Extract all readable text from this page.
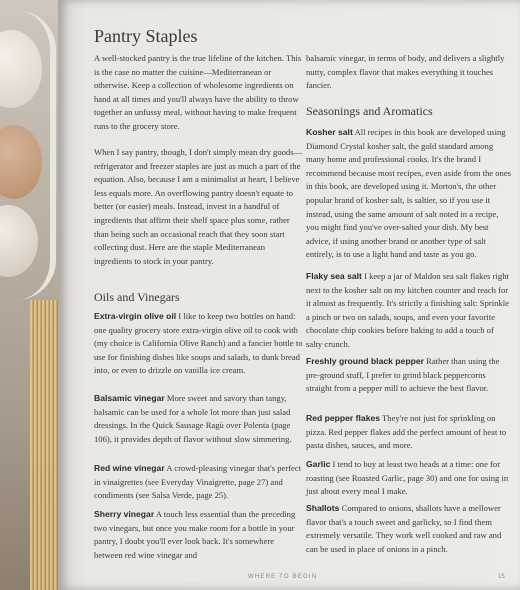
Pantry Staples

A well-stocked pantry is the true lifeline of the kitchen. This is the case no matter the cuisine—Mediterranean or otherwise. Keep a collection of wholesome ingredients on hand at all times and you'll always have the ability to throw together an unfussy meal, without having to make frequent runs to the grocery store.

When I say pantry, though, I don't simply mean dry goods—refrigerator and freezer staples are just as much a part of the equation. Also, because I am a minimalist at heart, I believe less equals more. An overflowing pantry doesn't equate to better (or easier) meals. Instead, invest in a handful of ingredients that affirm their shelf space plus some, rather than being such an occasional reach that they soon start collecting dust. Here are the staple Mediterranean ingredients to stock in your pantry.

Oils and Vinegars

Extra-virgin olive oil I like to keep two bottles on hand: one quality grocery store extra-virgin olive oil to cook with (my choice is California Olive Ranch) and a fancier bottle to use for finishing dishes like soups and salads, to dunk bread into, or even to drizzle on vanilla ice cream.

Balsamic vinegar More sweet and savory than tangy, balsamic can be used for a whole lot more than just salad dressings. In the Quick Sausage Ragù over Polenta (page 106), it provides depth of flavor without slow simmering.

Red wine vinegar A crowd-pleasing vinegar that's perfect in vinaigrettes (see Everyday Vinaigrette, page 27) and condiments (see Salsa Verde, page 25).

Sherry vinegar A touch less essential than the preceding two vinegars, but once you make room for a bottle in your pantry, I doubt you'll ever look back. It's somewhere between red wine vinegar and

balsamic vinegar, in terms of body, and delivers a slightly nutty, complex flavor that makes everything it touches fancier.

Seasonings and Aromatics

Kosher salt All recipes in this book are developed using Diamond Crystal kosher salt, the gold standard among many home and professional cooks. It's the brand I recommend because most recipes, even aside from the ones in this book, are developed using it. Morton's, the other popular brand of kosher salt, is saltier, so if you use it instead, using the same amount of salt noted in a recipe, you might find you've over-salted your dish. My best advice, if using another brand or another type of salt entirely, is to use a light hand and taste as you go.

Flaky sea salt I keep a jar of Maldon sea salt flakes right next to the kosher salt on my kitchen counter and reach for it almost as frequently. It's strictly a finishing salt: Sprinkle a pinch or two on salads, soups, and even your favorite chocolate chip cookies before baking to add a touch of salty crunch.

Freshly ground black pepper Rather than using the pre-ground stuff, I prefer to grind black peppercorns straight from a pepper mill to achieve the best flavor.

Red pepper flakes They're not just for sprinkling on pizza. Red pepper flakes add the perfect amount of heat to pasta dishes, sauces, and more.

Garlic I tend to buy at least two heads at a time: one for roasting (see Roasted Garlic, page 30) and one for using in just about every meal I make.

Shallots Compared to onions, shallots have a mellower flavor that's a touch sweet and garlicky, so I find them extremely versatile. They work well cooked and raw and can be used in place of onions in a pinch.

WHERE TO BEGIN	15
